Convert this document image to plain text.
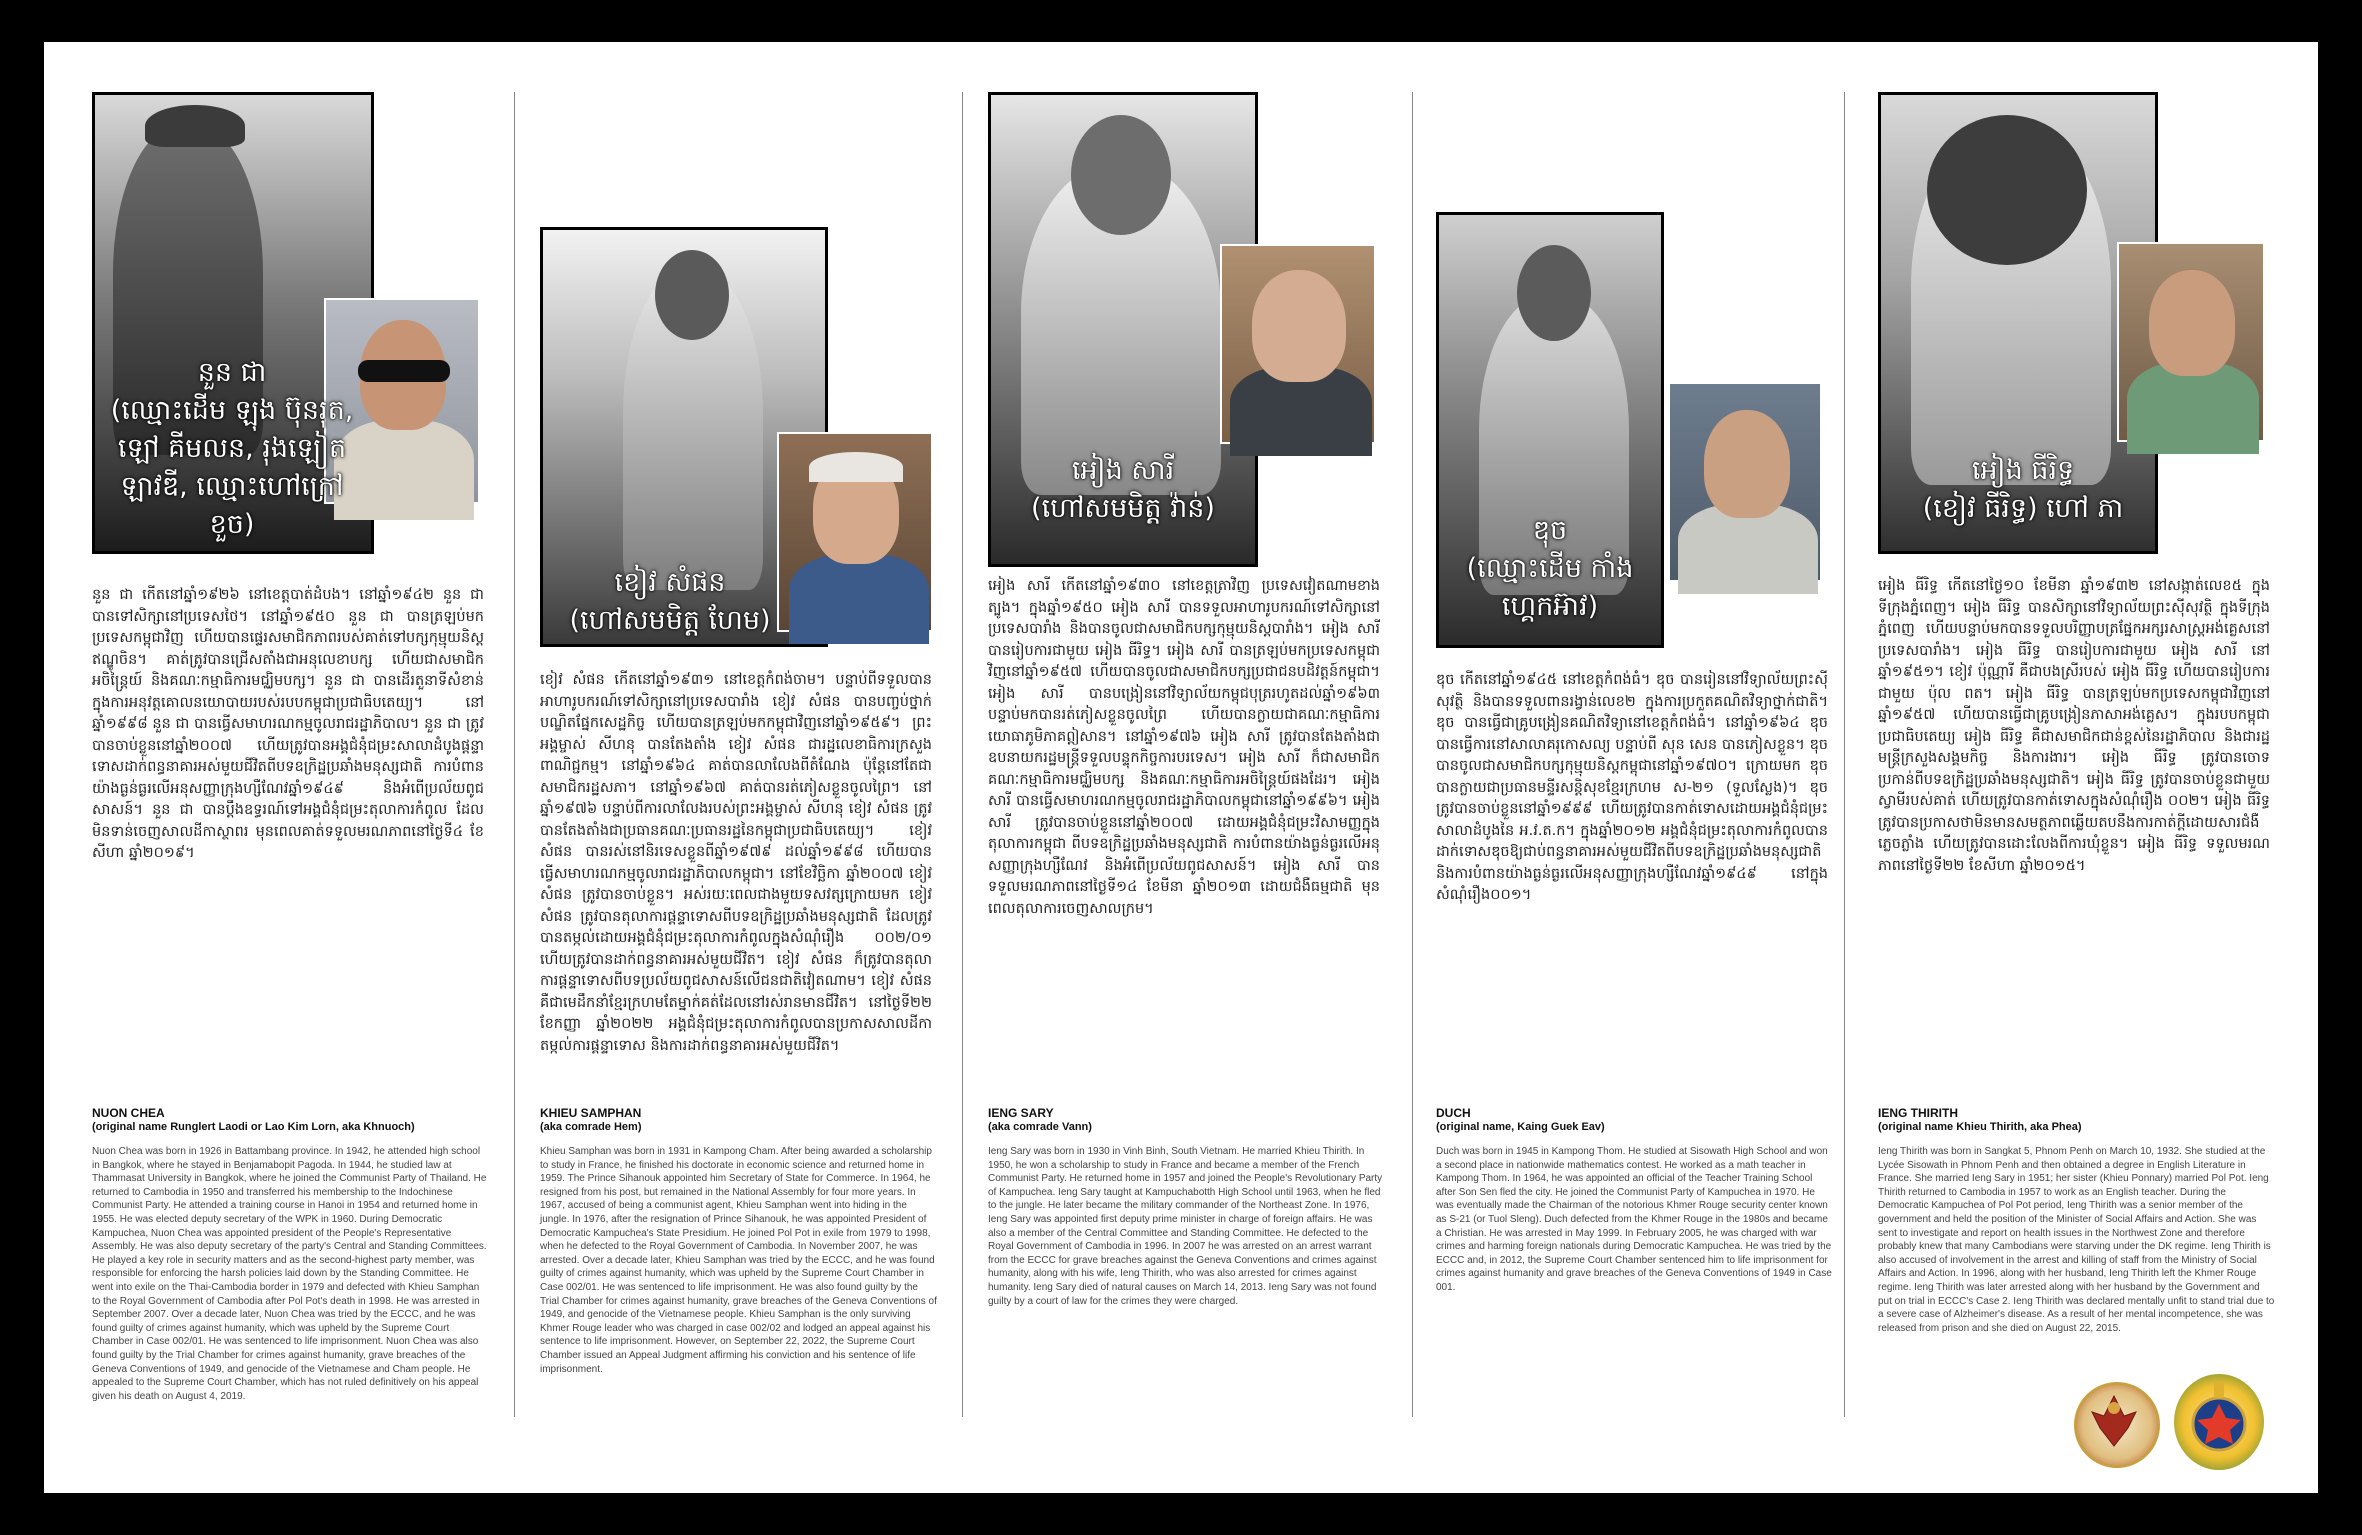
នួន ជា
(ឈ្មោះដើម ឡុង ប៊ុនរុត,
ឡៅ គីមលន, រុងឡៀត
ឡាវឌី, ឈ្មោះហៅក្រៅ
ខួច)
នួន ជា កើតនៅឆ្នាំ១៩២៦ នៅខេត្តបាត់ដំបង។ នៅឆ្នាំ១៩៤២ នួន ជា បានទៅសិក្សានៅប្រទេសថៃ។ នៅឆ្នាំ១៩៥០ នួន ជា បានត្រឡប់មកប្រទេសកម្ពុជាវិញ ហើយបានផ្ទេរសមាជិកភាពរបស់គាត់ទៅបក្សកុម្មុយនិស្តឥណ្ឌូចិន។ គាត់ត្រូវបានជ្រើសតាំងជាអនុលេខាបក្ស ហើយជាសមាជិកអចិន្ត្រៃយ៍ និងគណៈកម្មាធិការមជ្ឈិមបក្ស។ នួន ជា បានដើរតួនាទីសំខាន់ក្នុងការអនុវត្តគោលនយោបាយរបស់របបកម្ពុជាប្រជាធិបតេយ្យ។ នៅឆ្នាំ១៩៩៨ នួន ជា បានធ្វើសមាហរណកម្មចូលរាជរដ្ឋាភិបាល។ នួន ជា ត្រូវបានចាប់ខ្លួននៅឆ្នាំ២០០៧ ហើយត្រូវបានអង្គជំនុំជម្រះសាលាដំបូងផ្តន្ទាទោសដាក់ពន្ធនាគារអស់មួយជីវិតពីបទឧក្រិដ្ឋប្រឆាំងមនុស្សជាតិ ការបំពានយ៉ាងធ្ងន់ធ្ងរលើអនុសញ្ញាក្រុងហ្សឺណែវឆ្នាំ១៩៤៩ និងអំពើប្រល័យពូជសាសន៍។ នួន ជា បានប្តឹងឧទ្ធរណ៍ទៅអង្គជំនុំជម្រះតុលាការកំពូល ដែលមិនទាន់ចេញសាលដីកាស្ថាពរ មុនពេលគាត់ទទួលមរណភាពនៅថ្ងៃទី៤ ខែសីហា ឆ្នាំ២០១៩។
NUON CHEA
(original name Runglert Laodi or Lao Kim Lorn, aka Khnuoch)
Nuon Chea was born in 1926 in Battambang province. In 1942, he attended high school in Bangkok, where he stayed in Benjamabopit Pagoda. In 1944, he studied law at Thammasat University in Bangkok, where he joined the Communist Party of Thailand. He returned to Cambodia in 1950 and transferred his membership to the Indochinese Communist Party. He attended a training course in Hanoi in 1954 and returned home in 1955. He was elected deputy secretary of the WPK in 1960. During Democratic Kampuchea, Nuon Chea was appointed president of the People's Representative Assembly. He was also deputy secretary of the party's Central and Standing Committees. He played a key role in security matters and as the second-highest party member, was responsible for enforcing the harsh policies laid down by the Standing Committee. He went into exile on the Thai-Cambodia border in 1979 and defected with Khieu Samphan to the Royal Government of Cambodia after Pol Pot's death in 1998. He was arrested in September 2007. Over a decade later, Nuon Chea was tried by the ECCC, and he was found guilty of crimes against humanity, which was upheld by the Supreme Court Chamber in Case 002/01. He was sentenced to life imprisonment. Nuon Chea was also found guilty by the Trial Chamber for crimes against humanity, grave breaches of the Geneva Conventions of 1949, and genocide of the Vietnamese and Cham people. He appealed to the Supreme Court Chamber, which has not ruled definitively on his appeal given his death on August 4, 2019.
ខៀវ សំផន
(ហៅសមមិត្ត ហែម)
ខៀវ សំផន កើតនៅឆ្នាំ១៩៣១ នៅខេត្តកំពង់ចាម។ បន្ទាប់ពីទទួលបានអាហារូបករណ៍ទៅសិក្សានៅប្រទេសបារាំង ខៀវ សំផន បានបញ្ចប់ថ្នាក់បណ្ឌិតផ្នែកសេដ្ឋកិច្ច ហើយបានត្រឡប់មកកម្ពុជាវិញនៅឆ្នាំ១៩៥៩។ ព្រះអង្គម្ចាស់ សីហនុ បានតែងតាំង ខៀវ សំផន ជារដ្ឋលេខាធិការក្រសួងពាណិជ្ជកម្ម។ នៅឆ្នាំ១៩៦៤ គាត់បានលាលែងពីតំណែង ប៉ុន្តែនៅតែជាសមាជិករដ្ឋសភា។ នៅឆ្នាំ១៩៦៧ គាត់បានរត់ភៀសខ្លួនចូលព្រៃ។ នៅឆ្នាំ១៩៧៦ បន្ទាប់ពីការលាលែងរបស់ព្រះអង្គម្ចាស់ សីហនុ ខៀវ សំផន ត្រូវបានតែងតាំងជាប្រធានគណៈប្រធានរដ្ឋនៃកម្ពុជាប្រជាធិបតេយ្យ។ ខៀវ សំផន បានរស់នៅនិរទេសខ្លួនពីឆ្នាំ១៩៧៩ ដល់ឆ្នាំ១៩៩៨ ហើយបានធ្វើសមាហរណកម្មចូលរាជរដ្ឋាភិបាលកម្ពុជា។ នៅខែវិច្ឆិកា ឆ្នាំ២០០៧ ខៀវ សំផន ត្រូវបានចាប់ខ្លួន។ អស់រយៈពេលជាងមួយទសវត្សក្រោយមក ខៀវ សំផន ត្រូវបានតុលាការផ្តន្ទាទោសពីបទឧក្រិដ្ឋប្រឆាំងមនុស្សជាតិ ដែលត្រូវបានតម្កល់ដោយអង្គជំនុំជម្រះតុលាការកំពូលក្នុងសំណុំរឿង ០០២/០១ ហើយត្រូវបានដាក់ពន្ធនាគារអស់មួយជីវិត។ ខៀវ សំផន ក៏ត្រូវបានតុលាការផ្តន្ទាទោសពីបទប្រល័យពូជសាសន៍លើជនជាតិវៀតណាម។ ខៀវ សំផន គឺជាមេដឹកនាំខ្មែរក្រហមតែម្នាក់គត់ដែលនៅរស់រានមានជីវិត។ នៅថ្ងៃទី២២ ខែកញ្ញា ឆ្នាំ២០២២ អង្គជំនុំជម្រះតុលាការកំពូលបានប្រកាសសាលដីកាតម្កល់ការផ្តន្ទាទោស និងការដាក់ពន្ធនាគារអស់មួយជីវិត។
KHIEU SAMPHAN
(aka comrade Hem)
Khieu Samphan was born in 1931 in Kampong Cham. After being awarded a scholarship to study in France, he finished his doctorate in economic science and returned home in 1959. The Prince Sihanouk appointed him Secretary of State for Commerce. In 1964, he resigned from his post, but remained in the National Assembly for four more years. In 1967, accused of being a communist agent, Khieu Samphan went into hiding in the jungle. In 1976, after the resignation of Prince Sihanouk, he was appointed President of Democratic Kampuchea's State Presidium. He joined Pol Pot in exile from 1979 to 1998, when he defected to the Royal Government of Cambodia. In November 2007, he was arrested. Over a decade later, Khieu Samphan was tried by the ECCC, and he was found guilty of crimes against humanity, which was upheld by the Supreme Court Chamber in Case 002/01. He was sentenced to life imprisonment. He was also found guilty by the Trial Chamber for crimes against humanity, grave breaches of the Geneva Conventions of 1949, and genocide of the Vietnamese people. Khieu Samphan is the only surviving Khmer Rouge leader who was charged in case 002/02 and lodged an appeal against his sentence to life imprisonment. However, on September 22, 2022, the Supreme Court Chamber issued an Appeal Judgment affirming his conviction and his sentence of life imprisonment.
អៀង សារី
(ហៅសមមិត្ត វ៉ាន់)
អៀង សារី កើតនៅឆ្នាំ១៩៣០ នៅខេត្តត្រាវិញ ប្រទេសវៀតណាមខាងត្បូង។ ក្នុងឆ្នាំ១៩៥០ អៀង សារី បានទទួលអាហារូបករណ៍ទៅសិក្សានៅប្រទេសបារាំង និងបានចូលជាសមាជិកបក្សកុម្មុយនិស្តបារាំង។ អៀង សារី បានរៀបការជាមួយ អៀង ធីរិទ្ធ។ អៀង សារី បានត្រឡប់មកប្រទេសកម្ពុជាវិញនៅឆ្នាំ១៩៥៧ ហើយបានចូលជាសមាជិកបក្សប្រជាជនបដិវត្តន៍កម្ពុជា។ អៀង សារី បានបង្រៀននៅវិទ្យាល័យកម្ពុជបុត្ររហូតដល់ឆ្នាំ១៩៦៣ បន្ទាប់មកបានរត់ភៀសខ្លួនចូលព្រៃ ហើយបានក្លាយជាគណៈកម្មាធិការយោធាភូមិភាគឦសាន។ នៅឆ្នាំ១៩៧៦ អៀង សារី ត្រូវបានតែងតាំងជាឧបនាយករដ្ឋមន្ត្រីទទួលបន្ទុកកិច្ចការបរទេស។ អៀង សារី ក៏ជាសមាជិកគណៈកម្មាធិការមជ្ឈិមបក្ស និងគណៈកម្មាធិការអចិន្ត្រៃយ៍ផងដែរ។ អៀង សារី បានធ្វើសមាហរណកម្មចូលរាជរដ្ឋាភិបាលកម្ពុជានៅឆ្នាំ១៩៩៦។ អៀង សារី ត្រូវបានចាប់ខ្លួននៅឆ្នាំ២០០៧ ដោយអង្គជំនុំជម្រះវិសាមញ្ញក្នុងតុលាការកម្ពុជា ពីបទឧក្រិដ្ឋប្រឆាំងមនុស្សជាតិ ការបំពានយ៉ាងធ្ងន់ធ្ងរលើអនុសញ្ញាក្រុងហ្សឺណែវ និងអំពើប្រល័យពូជសាសន៍។ អៀង សារី បានទទួលមរណភាពនៅថ្ងៃទី១៤ ខែមីនា ឆ្នាំ២០១៣ ដោយជំងឺធម្មជាតិ មុនពេលតុលាការចេញសាលក្រម។
IENG SARY
(aka comrade Vann)
Ieng Sary was born in 1930 in Vinh Binh, South Vietnam. He married Khieu Thirith. In 1950, he won a scholarship to study in France and became a member of the French Communist Party. He returned home in 1957 and joined the People's Revolutionary Party of Kampuchea. Ieng Sary taught at Kampuchabotth High School until 1963, when he fled to the jungle. He later became the military commander of the Northeast Zone. In 1976, Ieng Sary was appointed first deputy prime minister in charge of foreign affairs. He was also a member of the Central Committee and Standing Committee. He defected to the Royal Government of Cambodia in 1996. In 2007 he was arrested on an arrest warrant from the ECCC for grave breaches against the Geneva Conventions and crimes against humanity, along with his wife, Ieng Thirith, who was also arrested for crimes against humanity. Ieng Sary died of natural causes on March 14, 2013. Ieng Sary was not found guilty by a court of law for the crimes they were charged.
ឌុច
(ឈ្មោះដើម កាំង
ហ្គេកអ៊ាវ)
ឌុច កើតនៅឆ្នាំ១៩៤៥ នៅខេត្តកំពង់ធំ។ ឌុច បានរៀននៅវិទ្យាល័យព្រះស៊ីសុវត្ថិ និងបានទទួលពានរង្វាន់លេខ២ ក្នុងការប្រកួតគណិតវិទ្យាថ្នាក់ជាតិ។ ឌុច បានធ្វើជាគ្រូបង្រៀនគណិតវិទ្យានៅខេត្តកំពង់ធំ។ នៅឆ្នាំ១៩៦៤ ឌុច បានធ្វើការនៅសាលាគរុកោសល្យ បន្ទាប់ពី សុន សេន បានភៀសខ្លួន។ ឌុច បានចូលជាសមាជិកបក្សកុម្មុយនិស្តកម្ពុជានៅឆ្នាំ១៩៧០។ ក្រោយមក ឌុច បានក្លាយជាប្រធានមន្ទីរសន្តិសុខខ្មែរក្រហម ស-២១ (ទួលស្លែង)។ ឌុច ត្រូវបានចាប់ខ្លួននៅឆ្នាំ១៩៩៩ ហើយត្រូវបានកាត់ទោសដោយអង្គជំនុំជម្រះសាលាដំបូងនៃ អ.វ.ត.ក។ ក្នុងឆ្នាំ២០១២ អង្គជំនុំជម្រះតុលាការកំពូលបានដាក់ទោសឌុចឱ្យជាប់ពន្ធនាគារអស់មួយជីវិតពីបទឧក្រិដ្ឋប្រឆាំងមនុស្សជាតិ និងការបំពានយ៉ាងធ្ងន់ធ្ងរលើអនុសញ្ញាក្រុងហ្សឺណែវឆ្នាំ១៩៤៩ នៅក្នុងសំណុំរឿង០០១។
DUCH
(original name, Kaing Guek Eav)
Duch was born in 1945 in Kampong Thom. He studied at Sisowath High School and won a second place in nationwide mathematics contest. He worked as a math teacher in Kampong Thom. In 1964, he was appointed an official of the Teacher Training School after Son Sen fled the city. He joined the Communist Party of Kampuchea in 1970. He was eventually made the Chairman of the notorious Khmer Rouge security center known as S-21 (or Tuol Sleng). Duch defected from the Khmer Rouge in the 1980s and became a Christian. He was arrested in May 1999. In February 2005, he was charged with war crimes and harming foreign nationals during Democratic Kampuchea. He was tried by the ECCC and, in 2012, the Supreme Court Chamber sentenced him to life imprisonment for crimes against humanity and grave breaches of the Geneva Conventions of 1949 in Case 001.
អៀង ធីរិទ្ធ
(ខៀវ ធីរិទ្ធ) ហៅ ភា
អៀង ធីរិទ្ធ កើតនៅថ្ងៃ១០ ខែមីនា ឆ្នាំ១៩៣២ នៅសង្កាត់លេខ៥ ក្នុងទីក្រុងភ្នំពេញ។ អៀង ធីរិទ្ធ បានសិក្សានៅវិទ្យាល័យព្រះស៊ីសុវត្ថិ ក្នុងទីក្រុងភ្នំពេញ ហើយបន្ទាប់មកបានទទួលបរិញ្ញាបត្រផ្នែកអក្សរសាស្ត្រអង់គ្លេសនៅប្រទេសបារាំង។ អៀង ធីរិទ្ធ បានរៀបការជាមួយ អៀង សារី នៅឆ្នាំ១៩៥១។ ខៀវ ប៉ុណ្ណារី គឺជាបងស្រីរបស់ អៀង ធីរិទ្ធ ហើយបានរៀបការជាមួយ ប៉ុល ពត។ អៀង ធីរិទ្ធ បានត្រឡប់មកប្រទេសកម្ពុជាវិញនៅឆ្នាំ១៩៥៧ ហើយបានធ្វើជាគ្រូបង្រៀនភាសាអង់គ្លេស។ ក្នុងរបបកម្ពុជាប្រជាធិបតេយ្យ អៀង ធីរិទ្ធ គឺជាសមាជិកជាន់ខ្ពស់នៃរដ្ឋាភិបាល និងជារដ្ឋមន្ត្រីក្រសួងសង្គមកិច្ច និងការងារ។ អៀង ធីរិទ្ធ ត្រូវបានចោទប្រកាន់ពីបទឧក្រិដ្ឋប្រឆាំងមនុស្សជាតិ។ អៀង ធីរិទ្ធ ត្រូវបានចាប់ខ្លួនជាមួយស្វាមីរបស់គាត់ ហើយត្រូវបានកាត់ទោសក្នុងសំណុំរឿង ០០២។ អៀង ធីរិទ្ធ ត្រូវបានប្រកាសថាមិនមានសមត្ថភាពឆ្លើយតបនឹងការកាត់ក្តីដោយសារជំងឺភ្លេចភ្លាំង ហើយត្រូវបានដោះលែងពីការឃុំខ្លួន។ អៀង ធីរិទ្ធ ទទួលមរណភាពនៅថ្ងៃទី២២ ខែសីហា ឆ្នាំ២០១៥។
IENG THIRITH
(original name Khieu Thirith, aka Phea)
Ieng Thirith was born in Sangkat 5, Phnom Penh on March 10, 1932. She studied at the Lycée Sisowath in Phnom Penh and then obtained a degree in English Literature in France. She married Ieng Sary in 1951; her sister (Khieu Ponnary) married Pol Pot. Ieng Thirith returned to Cambodia in 1957 to work as an English teacher. During the Democratic Kampuchea of Pol Pot period, Ieng Thirith was a senior member of the government and held the position of the Minister of Social Affairs and Action. She was sent to investigate and report on health issues in the Northwest Zone and therefore probably knew that many Cambodians were starving under the DK regime. Ieng Thirith is also accused of involvement in the arrest and killing of staff from the Ministry of Social Affairs and Action. In 1996, along with her husband, Ieng Thirith left the Khmer Rouge regime. Ieng Thirith was later arrested along with her husband by the Government and put on trial in ECCC's Case 2. Ieng Thirith was declared mentally unfit to stand trial due to a severe case of Alzheimer's disease. As a result of her mental incompetence, she was released from prison and she died on August 22, 2015.
